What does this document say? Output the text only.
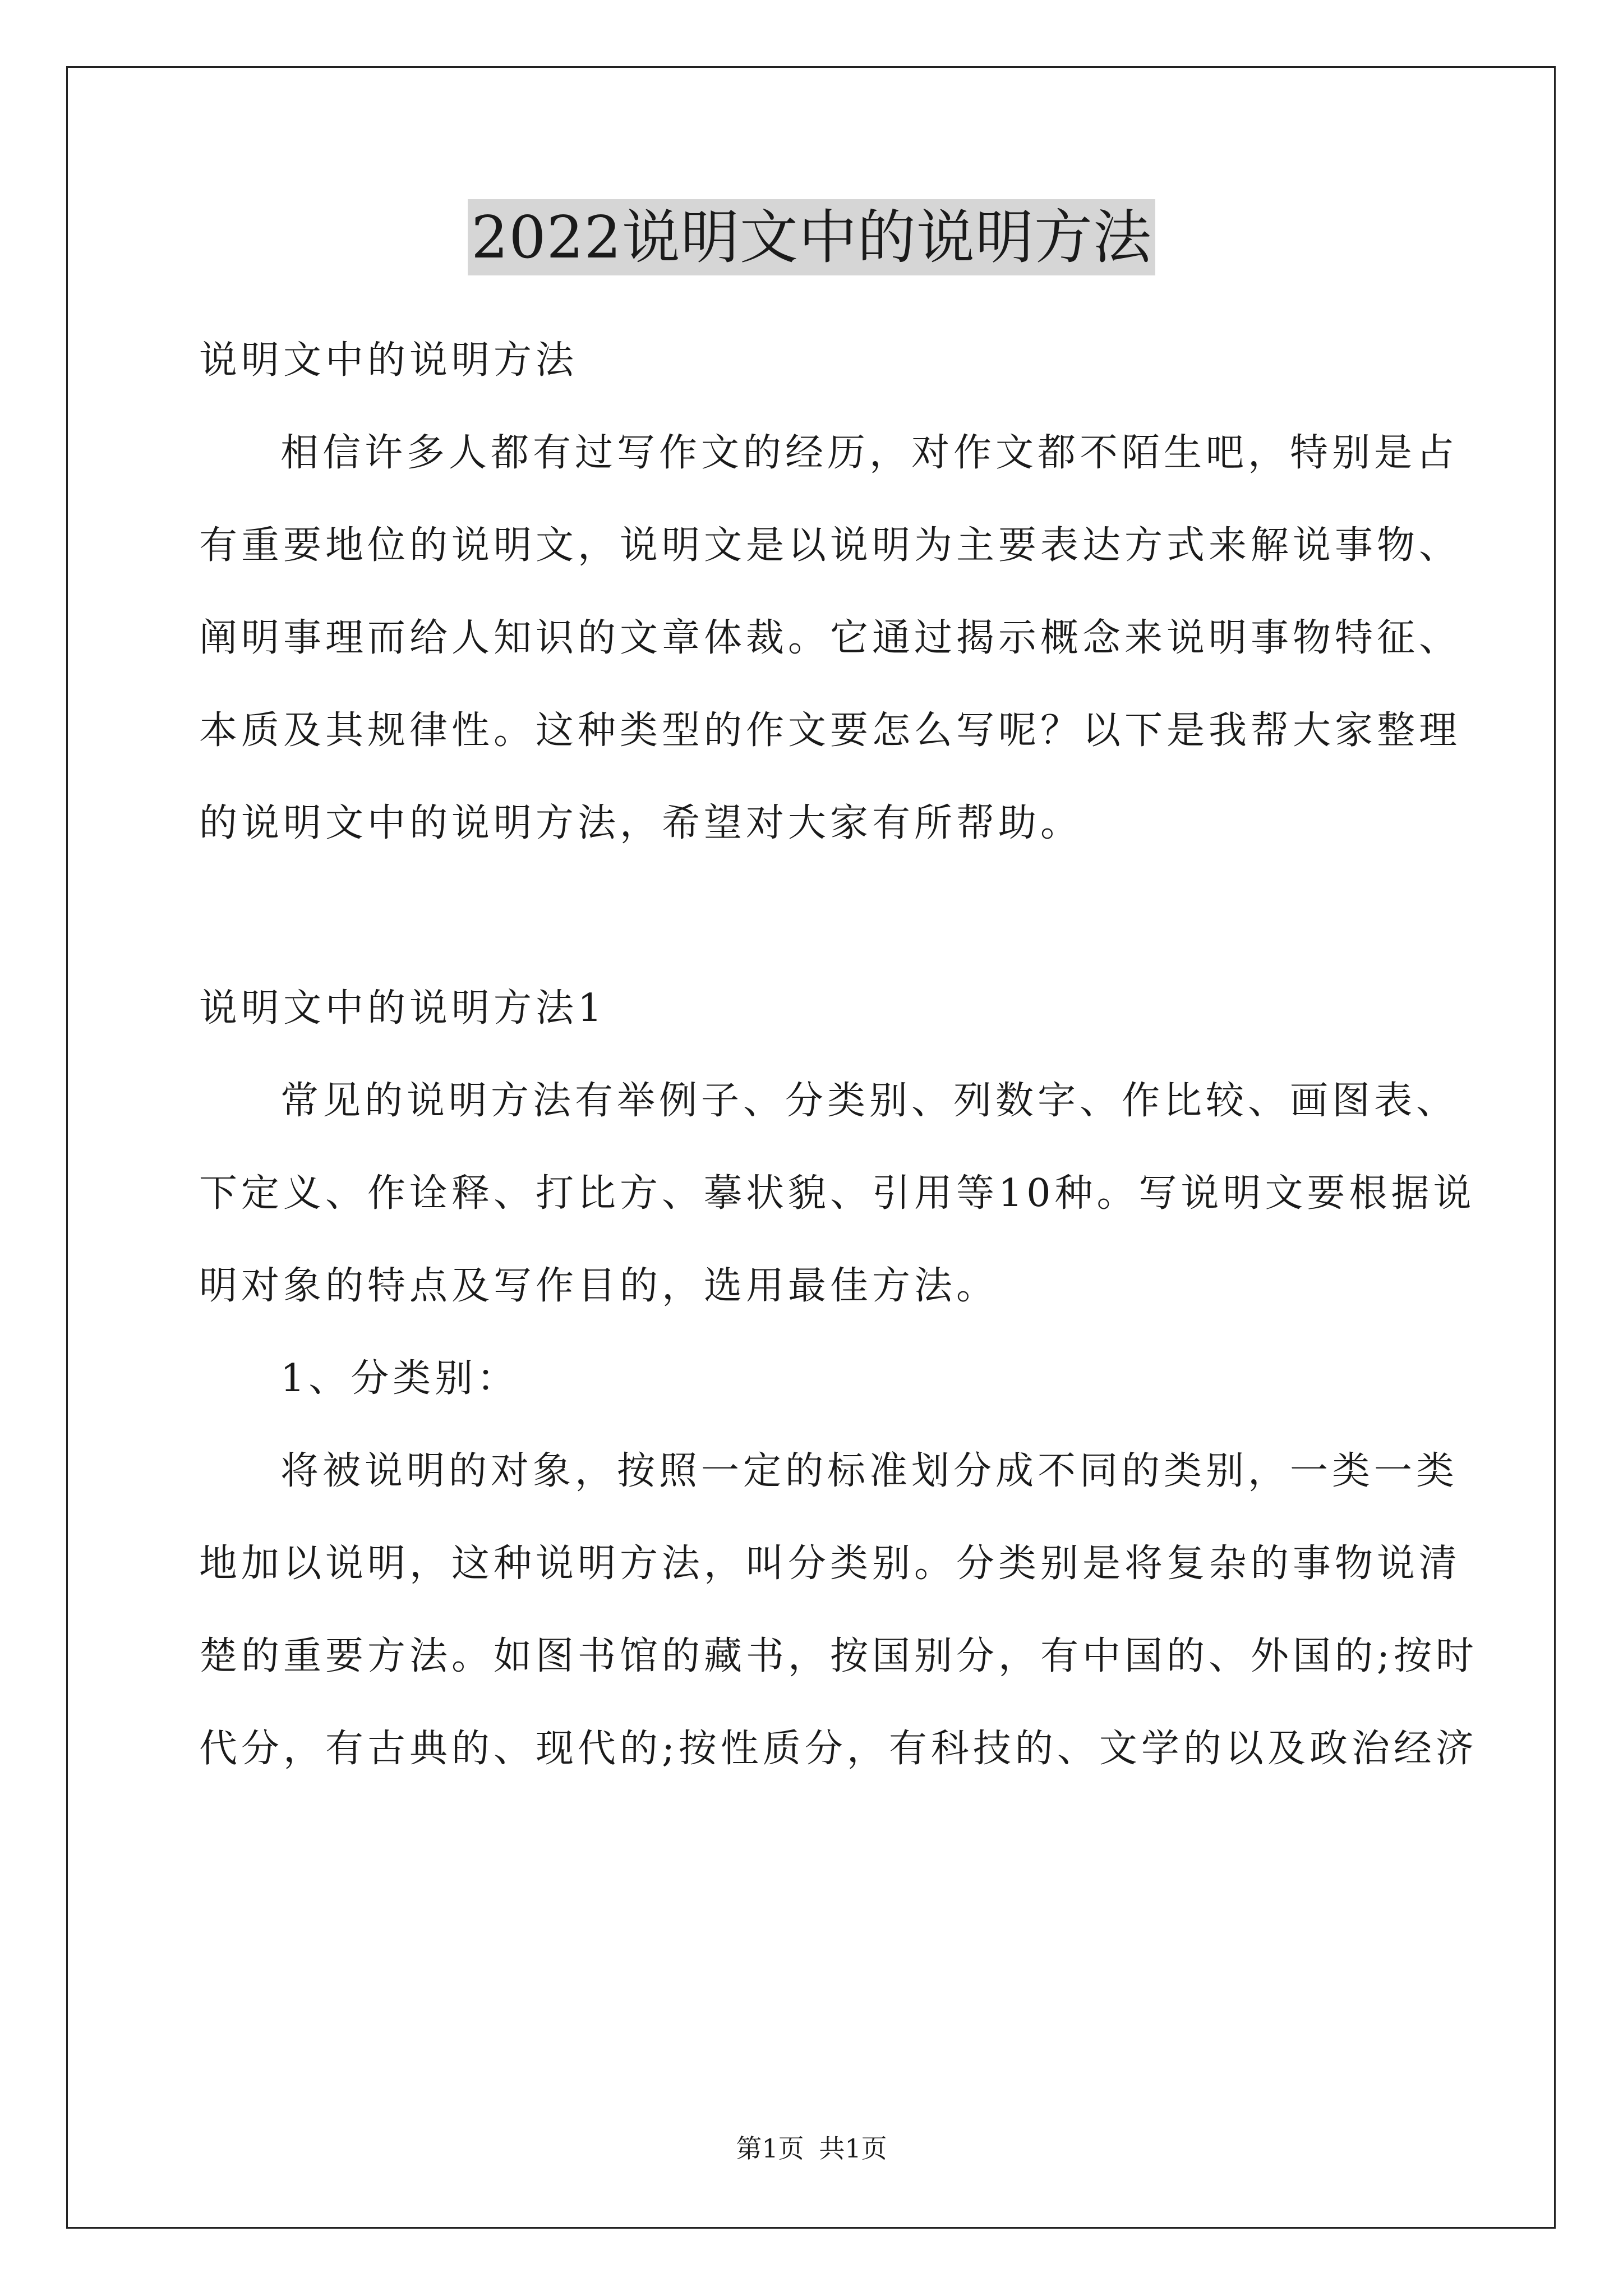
2022说明文中的说明方法
说明文中的说明方法
相信许多人都有过写作文的经历，对作文都不陌生吧，特别是占
有重要地位的说明文，说明文是以说明为主要表达方式来解说事物、
阐明事理而给人知识的文章体裁。它通过揭示概念来说明事物特征、
本质及其规律性。这种类型的作文要怎么写呢？以下是我帮大家整理
的说明文中的说明方法，希望对大家有所帮助。
说明文中的说明方法1
常见的说明方法有举例子、分类别、列数字、作比较、画图表、
下定义、作诠释、打比方、摹状貌、引用等10种。写说明文要根据说
明对象的特点及写作目的，选用最佳方法。
1、分类别：
将被说明的对象，按照一定的标准划分成不同的类别，一类一类
地加以说明，这种说明方法，叫分类别。分类别是将复杂的事物说清
楚的重要方法。如图书馆的藏书，按国别分，有中国的、外国的;按时
代分，有古典的、现代的;按性质分，有科技的、文学的以及政治经济
第1页 共1页
